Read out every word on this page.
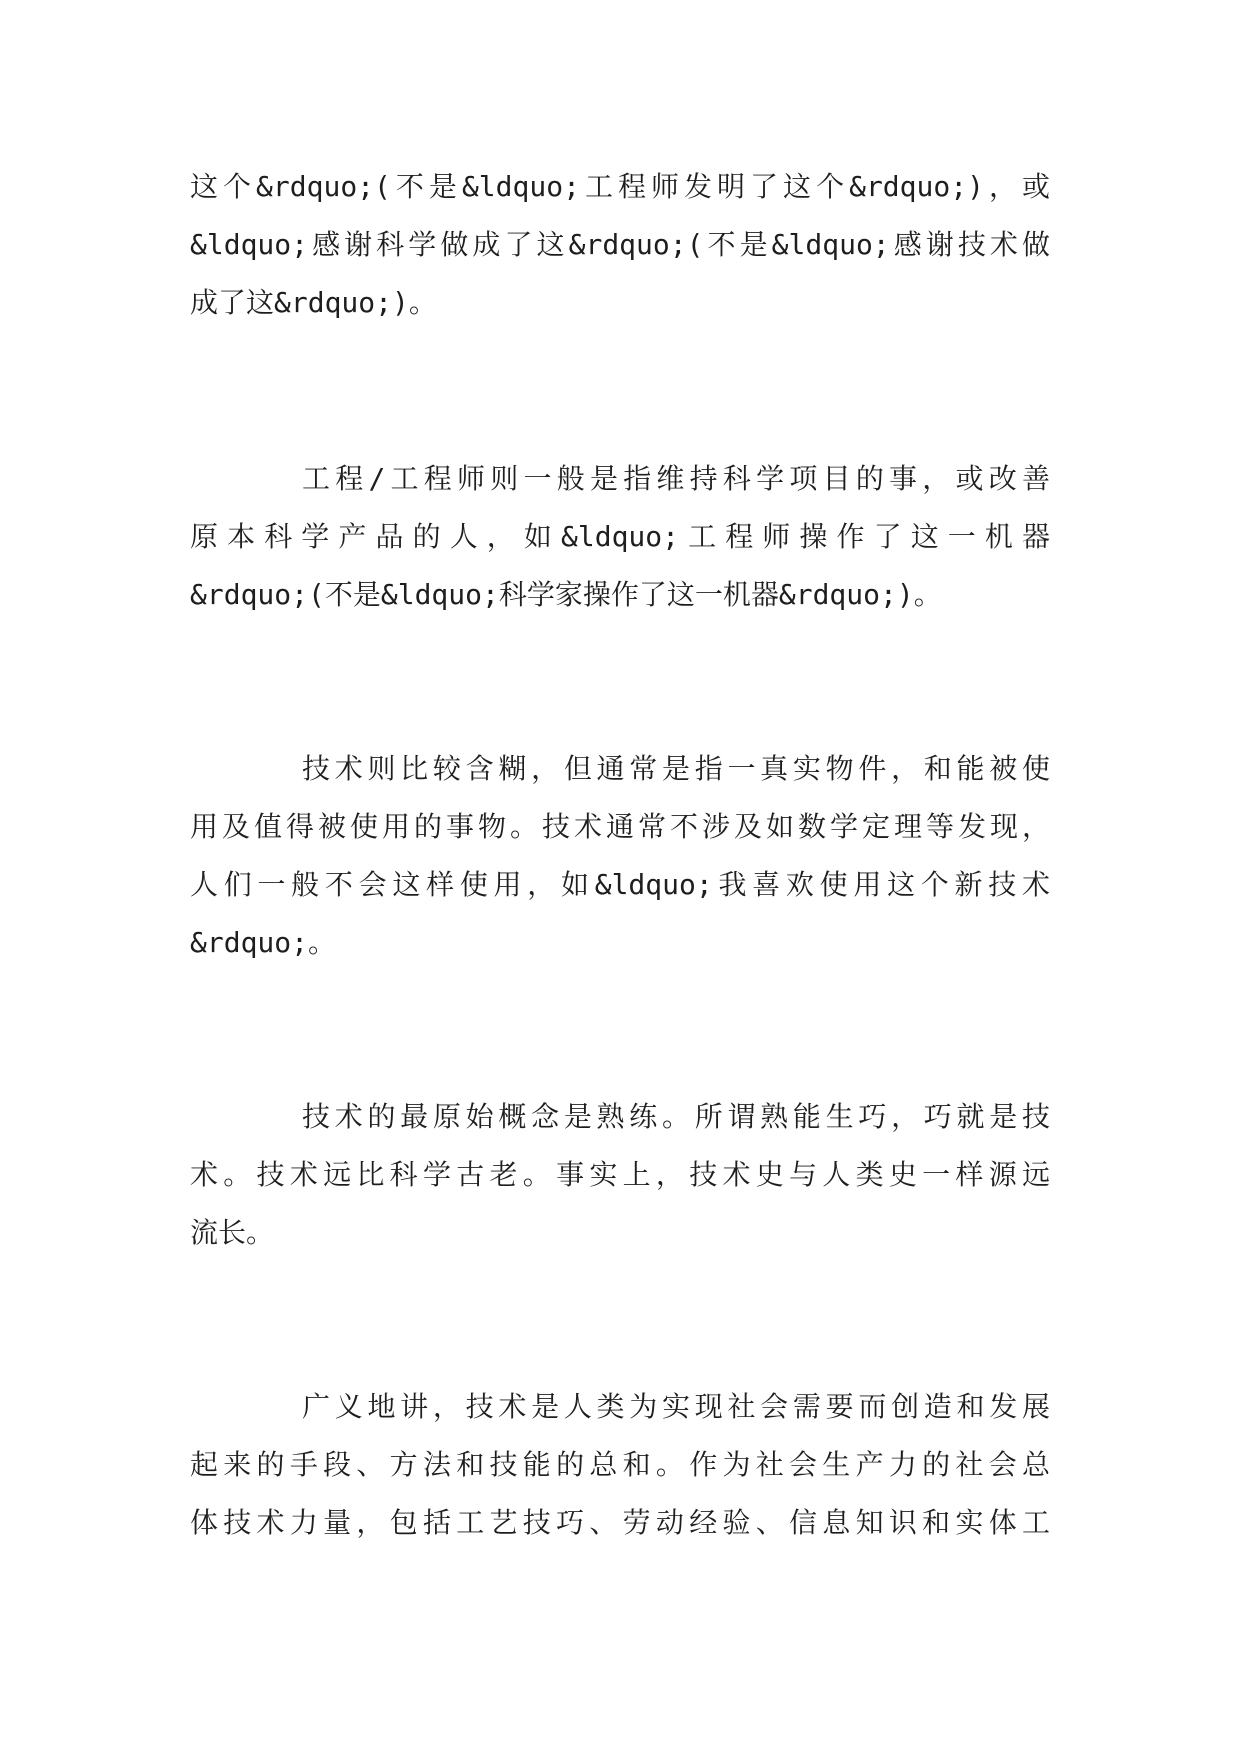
这个&rdquo;(不是&ldquo;工程师发明了这个&rdquo;)，或
&ldquo;感谢科学做成了这&rdquo;(不是&ldquo;感谢技术做
成了这&rdquo;)。
工程/工程师则一般是指维持科学项目的事，或改善
原本科学产品的人，如&ldquo;工程师操作了这一机器
&rdquo;(不是&ldquo;科学家操作了这一机器&rdquo;)。
技术则比较含糊，但通常是指一真实物件，和能被使
用及值得被使用的事物。技术通常不涉及如数学定理等发现，
人们一般不会这样使用，如&ldquo;我喜欢使用这个新技术
&rdquo;。
技术的最原始概念是熟练。所谓熟能生巧，巧就是技
术。技术远比科学古老。事实上，技术史与人类史一样源远
流长。
广义地讲，技术是人类为实现社会需要而创造和发展
起来的手段、方法和技能的总和。作为社会生产力的社会总
体技术力量，包括工艺技巧、劳动经验、信息知识和实体工
